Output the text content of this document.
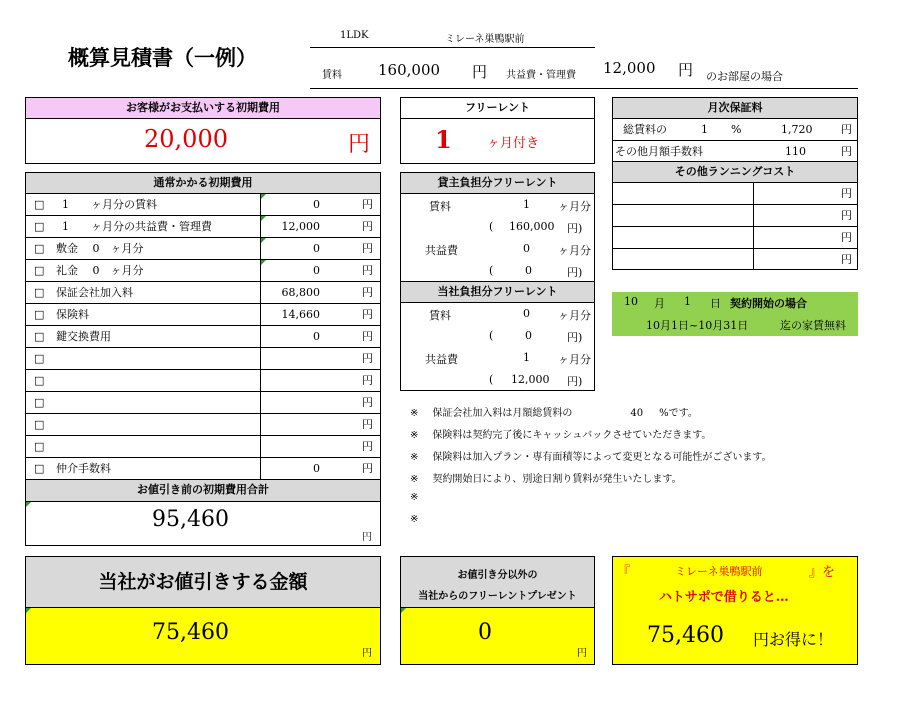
概算見積書（一例）
1LDK	ミレーネ巣鴨駅前
賃料 160,000 円 共益費・管理費 12,000 円 のお部屋の場合
お客様がお支払いする初期費用
20,000	円
フリーレント
1	ヶ月付き
月次保証料
総賃料の	1 %	1,720	円
その他月額手数料	110	円
その他ランニングコスト
円
円
円
円
10 月 1 日 契約開始の場合
10月1日~10月31日	迄の家賃無料
通常かかる初期費用
□ 1　　ヶ月分の賃料	0	円
□ 1　　ヶ月分の共益費・管理費	12,000	円
□ 敷金　 0　ヶ月分	0	円
□ 礼金　 0　ヶ月分	0	円
□ 保証会社加入料	68,800	円
□ 保険料	14,660	円
□ 鍵交換費用	0	円
□	円
□	円
□	円
□	円
□	円
□ 仲介手数料	0	円
お値引き前の初期費用合計
95,460
円
貸主負担分フリーレント
賃料	1	ヶ月分
( 160,000 円)
共益費	0	ヶ月分
(	0	円)
当社負担分フリーレント
賃料	0	ヶ月分
(	0	円)
共益費	1	ヶ月分
( 12,000 円)
※ 保証会社加入料は月額総賃料の	40 %です。
※ 保険料は契約完了後にキャッシュバックさせていただきます。
※ 保険料は加入プラン・専有面積等によって変更となる可能性がございます。
※ 契約開始日により、別途日割り賃料が発生いたします。
※
※
当社がお値引きする金額
75,460
円
お値引き分以外の
当社からのフリーレントプレゼント
0
円
『	ミレーネ巣鴨駅前	』を
ハトサポで借りると…
75,460 円お得に！
